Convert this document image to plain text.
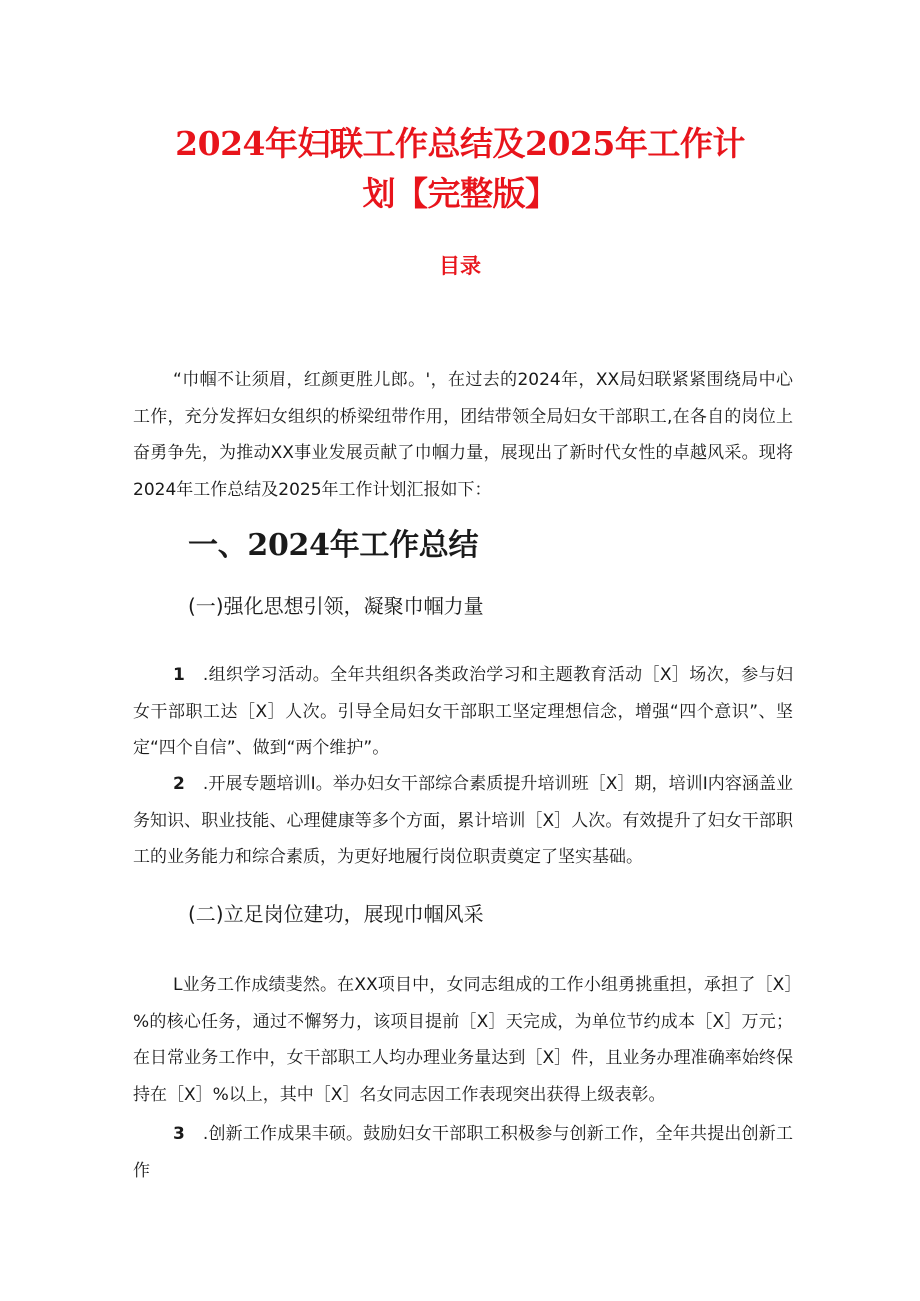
2024年妇联工作总结及2025年工作计
划【完整版】
目录

“巾帼不让须眉，红颜更胜儿郎。'，在过去的2024年，XX局妇联紧紧围绕局中心工作，充分发挥妇女组织的桥梁纽带作用，团结带领全局妇女干部职工,在各自的岗位上奋勇争先，为推动XX事业发展贡献了巾帼力量，展现出了新时代女性的卓越风采。现将2024年工作总结及2025年工作计划汇报如下：

一、2024年工作总结
(一)强化思想引领，凝聚巾帼力量

1 .组织学习活动。全年共组织各类政治学习和主题教育活动［X］场次，参与妇女干部职工达［X］人次。引导全局妇女干部职工坚定理想信念，增强“四个意识”、坚定“四个自信”、做到“两个维护”。

2 .开展专题培训I。举办妇女干部综合素质提升培训班［X］期，培训I内容涵盖业务知识、职业技能、心理健康等多个方面，累计培训［X］人次。有效提升了妇女干部职工的业务能力和综合素质，为更好地履行岗位职责奠定了坚实基础。

(二)立足岗位建功，展现巾帼风采

L业务工作成绩斐然。在XX项目中，女同志组成的工作小组勇挑重担，承担了［X］%的核心任务，通过不懈努力，该项目提前［X］天完成，为单位节约成本［X］万元；在日常业务工作中，女干部职工人均办理业务量达到［X］件，且业务办理准确率始终保持在［X］%以上，其中［X］名女同志因工作表现突出获得上级表彰。

3 .创新工作成果丰硕。鼓励妇女干部职工积极参与创新工作，全年共提出创新工作
